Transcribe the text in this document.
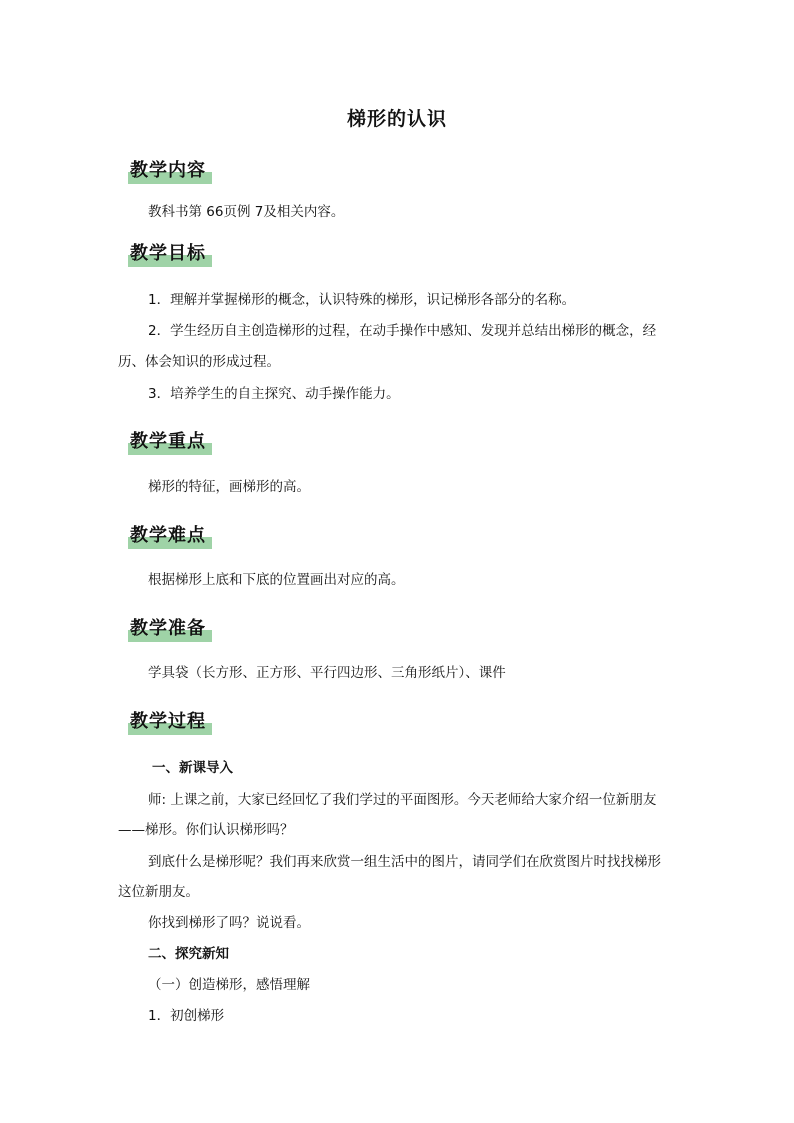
梯形的认识
教学内容
教科书第 66页例 7及相关内容。
教学目标
1．理解并掌握梯形的概念，认识特殊的梯形，识记梯形各部分的名称。
2．学生经历自主创造梯形的过程，在动手操作中感知、发现并总结出梯形的概念，经
历、体会知识的形成过程。
3．培养学生的自主探究、动手操作能力。
教学重点
梯形的特征，画梯形的高。
教学难点
根据梯形上底和下底的位置画出对应的高。
教学准备
学具袋（长方形、正方形、平行四边形、三角形纸片）、课件
教学过程
一、新课导入
师: 上课之前，大家已经回忆了我们学过的平面图形。今天老师给大家介绍一位新朋友
——梯形。你们认识梯形吗？
到底什么是梯形呢？我们再来欣赏一组生活中的图片，请同学们在欣赏图片时找找梯形
这位新朋友。
你找到梯形了吗？说说看。
二、探究新知
（一）创造梯形，感悟理解
1．初创梯形
